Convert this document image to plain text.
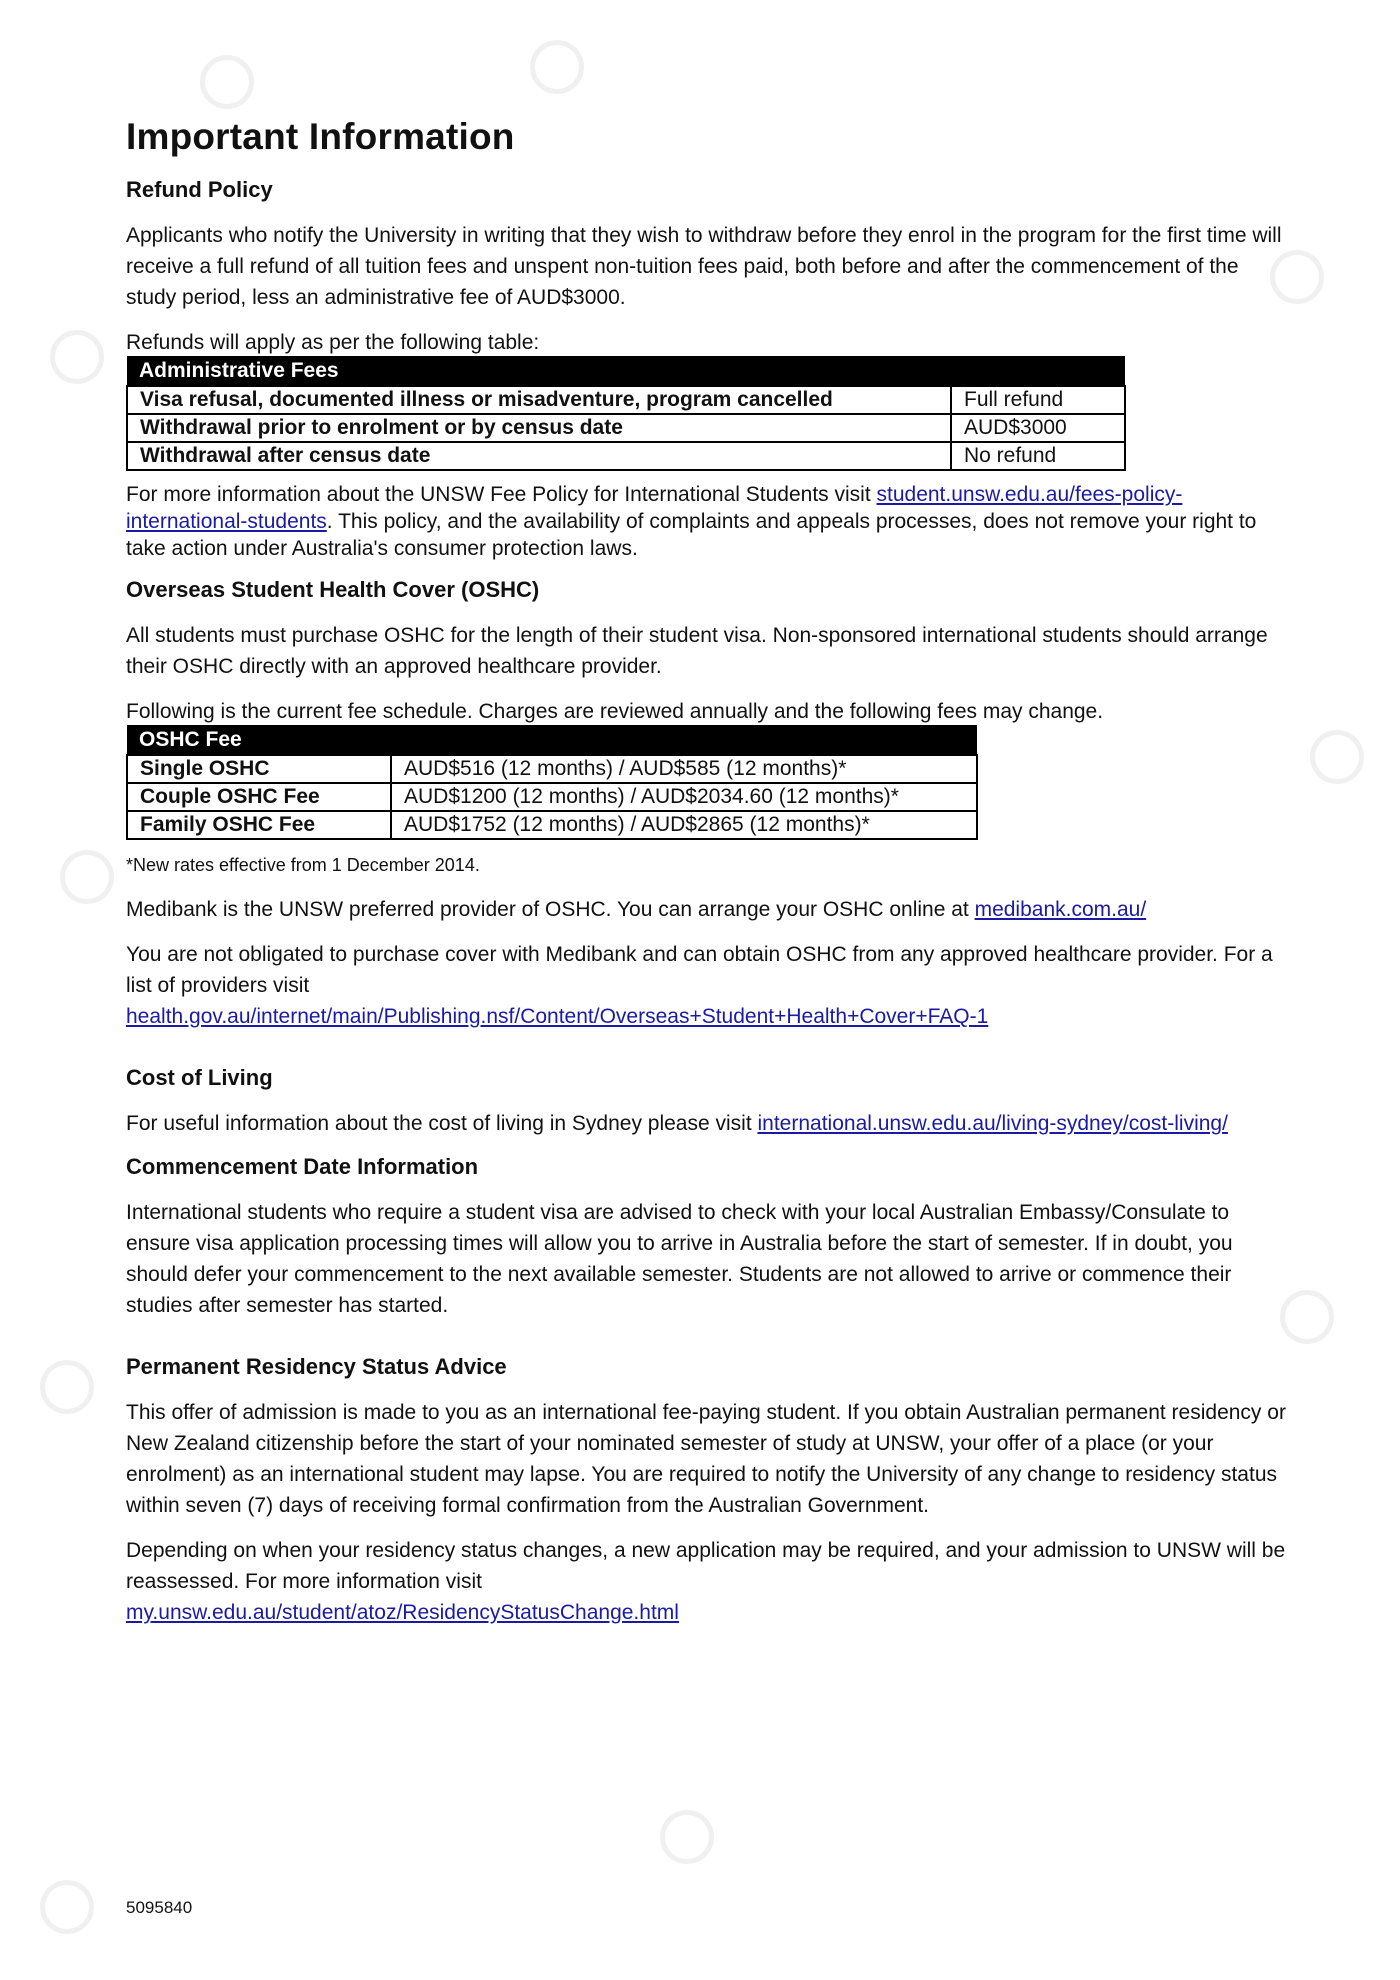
Important Information
Refund Policy

Applicants who notify the University in writing that they wish to withdraw before they enrol in the program for the first time will receive a full refund of all tuition fees and unspent non-tuition fees paid, both before and after the commencement of the study period, less an administrative fee of AUD$3000.

Refunds will apply as per the following table:

Administrative Fees	
Visa refusal, documented illness or misadventure, program cancelled	Full refund
Withdrawal prior to enrolment or by census date	AUD$3000
Withdrawal after census date	No refund

For more information about the UNSW Fee Policy for International Students visit student.unsw.edu.au/fees-policy-international-students. This policy, and the availability of complaints and appeals processes, does not remove your right to take action under Australia's consumer protection laws.

Overseas Student Health Cover (OSHC)

All students must purchase OSHC for the length of their student visa. Non-sponsored international students should arrange their OSHC directly with an approved healthcare provider.

Following is the current fee schedule. Charges are reviewed annually and the following fees may change.

OSHC Fee	
Single OSHC	AUD$516 (12 months) / AUD$585 (12 months)*
Couple OSHC Fee	AUD$1200 (12 months) / AUD$2034.60 (12 months)*
Family OSHC Fee	AUD$1752 (12 months) / AUD$2865 (12 months)*

*New rates effective from 1 December 2014.

Medibank is the UNSW preferred provider of OSHC. You can arrange your OSHC online at medibank.com.au/

You are not obligated to purchase cover with Medibank and can obtain OSHC from any approved healthcare provider. For a list of providers visit
health.gov.au/internet/main/Publishing.nsf/Content/Overseas+Student+Health+Cover+FAQ-1

Cost of Living

For useful information about the cost of living in Sydney please visit international.unsw.edu.au/living-sydney/cost-living/

Commencement Date Information

International students who require a student visa are advised to check with your local Australian Embassy/Consulate to ensure visa application processing times will allow you to arrive in Australia before the start of semester. If in doubt, you should defer your commencement to the next available semester. Students are not allowed to arrive or commence their studies after semester has started.

Permanent Residency Status Advice

This offer of admission is made to you as an international fee-paying student. If you obtain Australian permanent residency or New Zealand citizenship before the start of your nominated semester of study at UNSW, your offer of a place (or your enrolment) as an international student may lapse. You are required to notify the University of any change to residency status within seven (7) days of receiving formal confirmation from the Australian Government.

Depending on when your residency status changes, a new application may be required, and your admission to UNSW will be reassessed. For more information visit
my.unsw.edu.au/student/atoz/ResidencyStatusChange.html

5095840
